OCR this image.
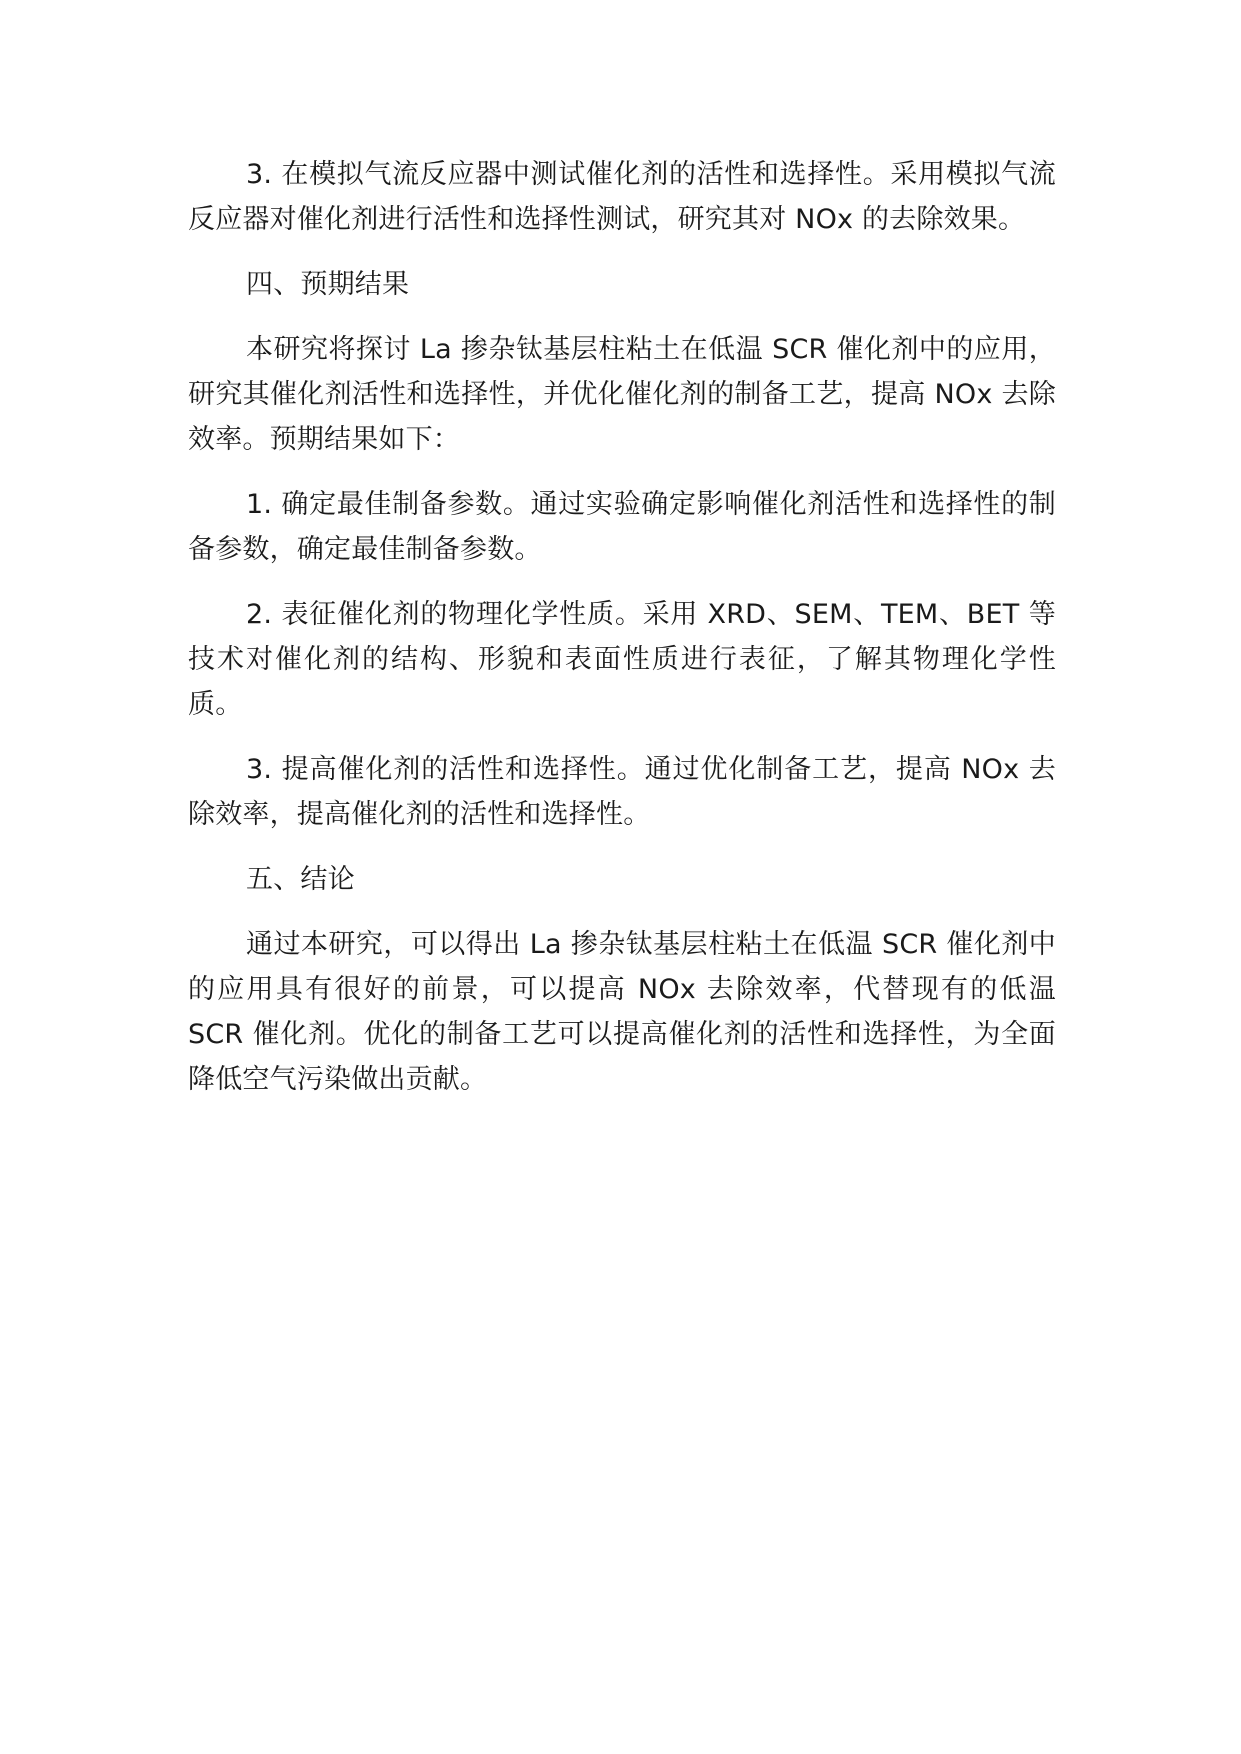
3. 在模拟气流反应器中测试催化剂的活性和选择性。采用模拟气流反应器对催化剂进行活性和选择性测试，研究其对 NOx 的去除效果。

四、预期结果

本研究将探讨 La 掺杂钛基层柱粘土在低温 SCR 催化剂中的应用，研究其催化剂活性和选择性，并优化催化剂的制备工艺，提高 NOx 去除效率。预期结果如下：

1. 确定最佳制备参数。通过实验确定影响催化剂活性和选择性的制备参数，确定最佳制备参数。

2. 表征催化剂的物理化学性质。采用 XRD、SEM、TEM、BET 等技术对催化剂的结构、形貌和表面性质进行表征，了解其物理化学性质。

3. 提高催化剂的活性和选择性。通过优化制备工艺，提高 NOx 去除效率，提高催化剂的活性和选择性。

五、结论

通过本研究，可以得出 La 掺杂钛基层柱粘土在低温 SCR 催化剂中的应用具有很好的前景，可以提高 NOx 去除效率，代替现有的低温 SCR 催化剂。优化的制备工艺可以提高催化剂的活性和选择性，为全面降低空气污染做出贡献。
